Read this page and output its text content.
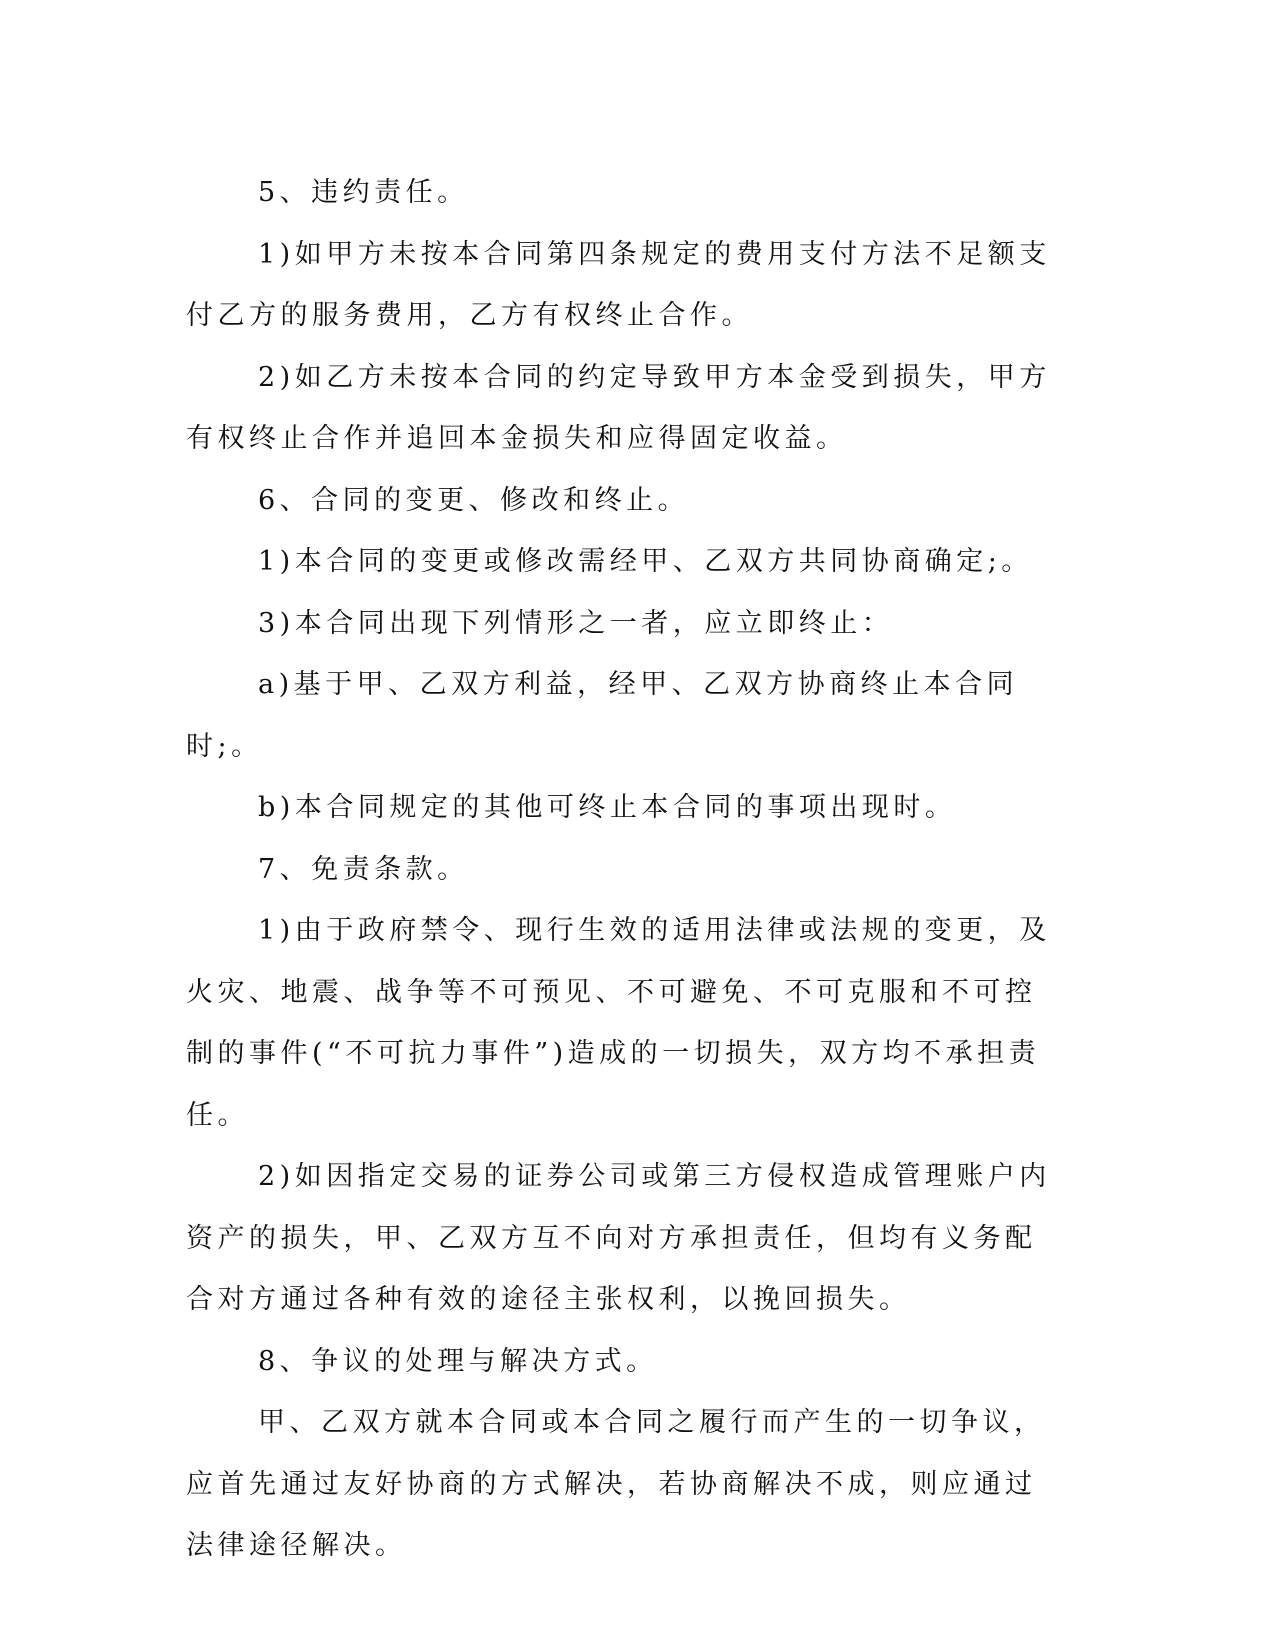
5、违约责任。

1)如甲方未按本合同第四条规定的费用支付方法不足额支付乙方的服务费用，乙方有权终止合作。

2)如乙方未按本合同的约定导致甲方本金受到损失，甲方有权终止合作并追回本金损失和应得固定收益。

6、合同的变更、修改和终止。

1)本合同的变更或修改需经甲、乙双方共同协商确定;。

3)本合同出现下列情形之一者，应立即终止：

a)基于甲、乙双方利益，经甲、乙双方协商终止本合同时;。

b)本合同规定的其他可终止本合同的事项出现时。

7、免责条款。

1)由于政府禁令、现行生效的适用法律或法规的变更，及火灾、地震、战争等不可预见、不可避免、不可克服和不可控制的事件(“不可抗力事件”)造成的一切损失，双方均不承担责任。

2)如因指定交易的证券公司或第三方侵权造成管理账户内资产的损失，甲、乙双方互不向对方承担责任，但均有义务配合对方通过各种有效的途径主张权利，以挽回损失。

8、争议的处理与解决方式。

甲、乙双方就本合同或本合同之履行而产生的一切争议，应首先通过友好协商的方式解决，若协商解决不成，则应通过法律途径解决。
